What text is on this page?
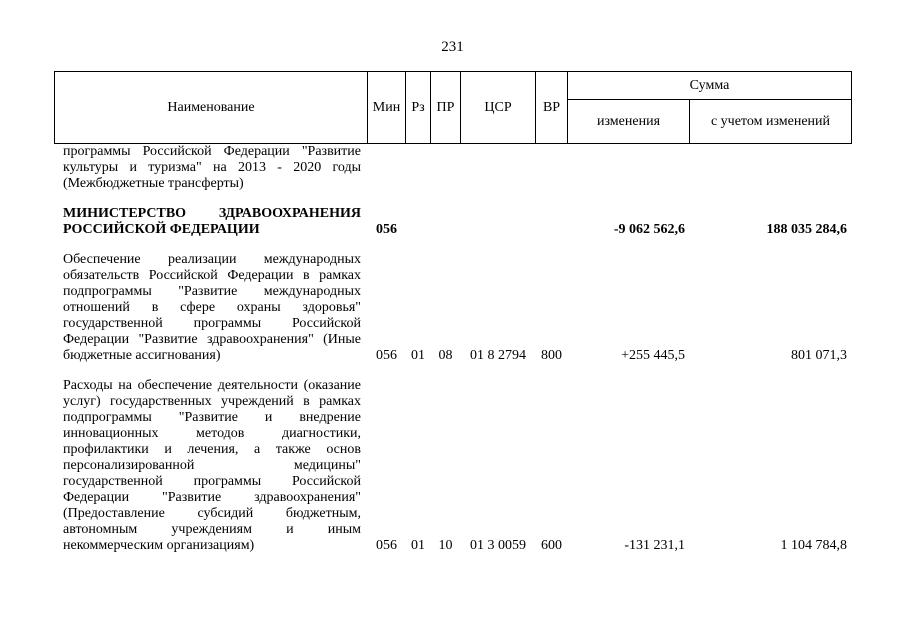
231
Наименование	Мин	Рз	ПР	ЦСР	ВР	Сумма	
						изменения	с учетом изменений
программы Российской Федерации "Развитие культуры и туризма" на 2013 - 2020 годы (Межбюджетные трансферты)							

МИНИСТЕРСТВО ЗДРАВООХРАНЕНИЯ РОССИЙСКОЙ ФЕДЕРАЦИИ	056					-9 062 562,6	188 035 284,6

Обеспечение реализации международных обязательств Российской Федерации в рамках подпрограммы "Развитие международных отношений в сфере охраны здоровья" государственной программы Российской Федерации "Развитие здравоохранения" (Иные бюджетные ассигнования)	056	01	08	01 8 2794	800	+255 445,5	801 071,3

Расходы на обеспечение деятельности (оказание услуг) государственных учреждений в рамках подпрограммы "Развитие и внедрение инновационных методов диагностики, профилактики и лечения, а также основ персонализированной медицины" государственной программы Российской Федерации "Развитие здравоохранения" (Предоставление субсидий бюджетным, автономным учреждениям и иным некоммерческим организациям)	056	01	10	01 3 0059	600	-131 231,1	1 104 784,8
